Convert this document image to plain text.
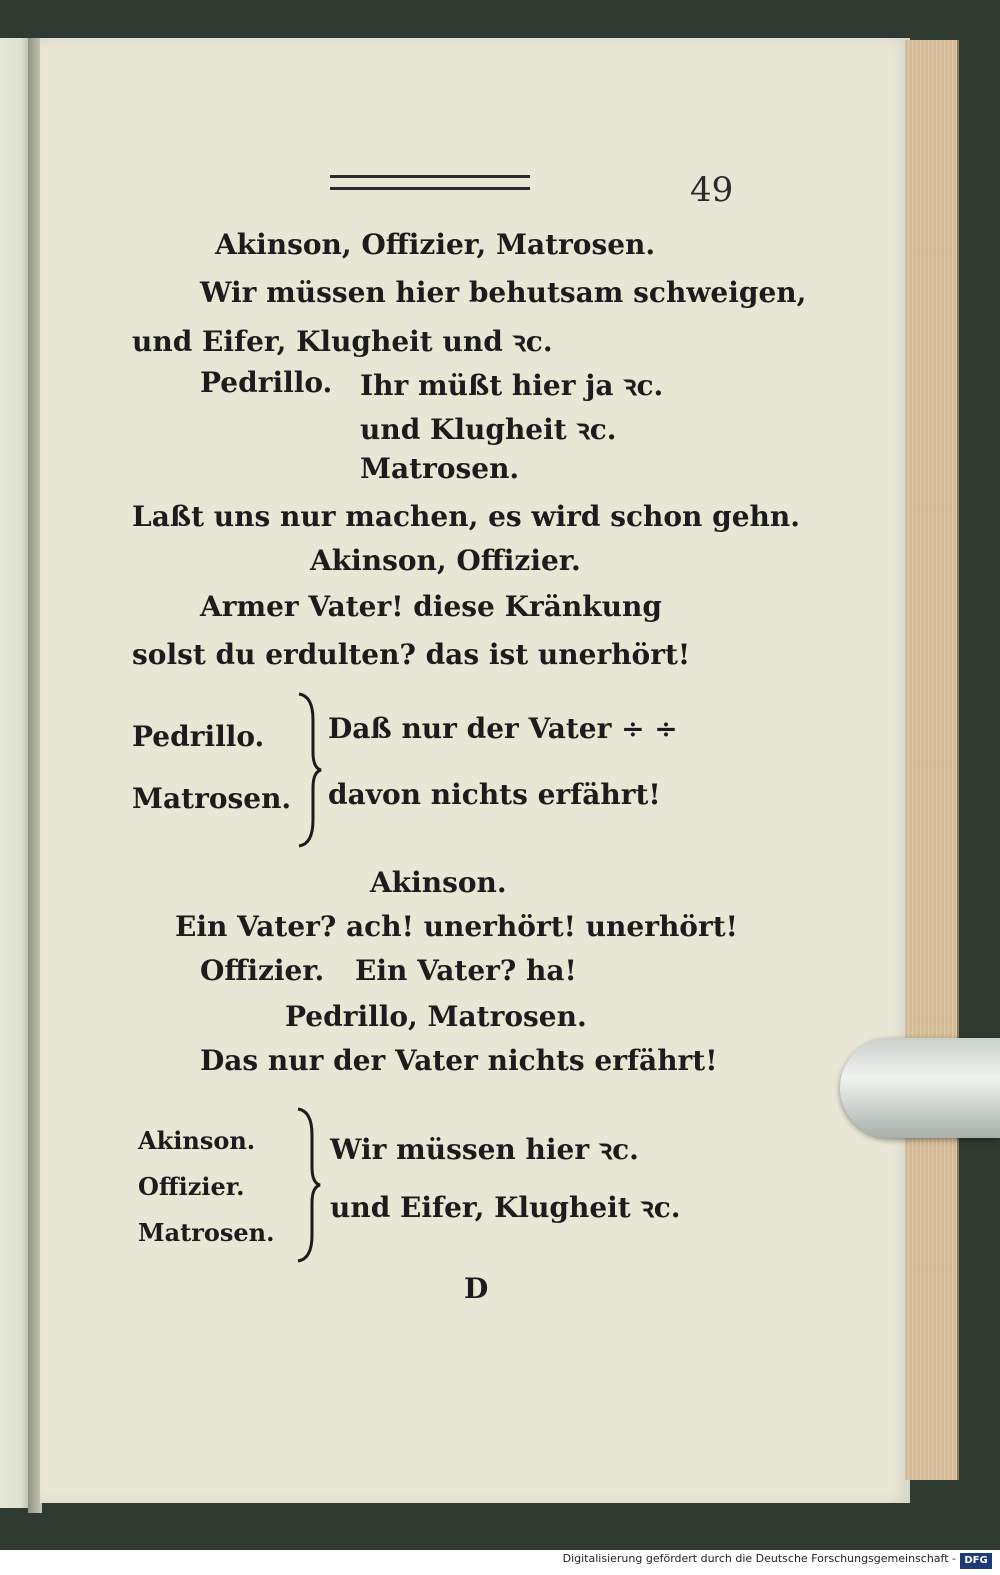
49
Akinson, Offizier, Matrosen.
Wir müssen hier behutsam schweigen,
und Eifer, Klugheit und ꝛc.
Pedrillo. Ihr müßt hier ja ꝛc.
und Klugheit ꝛc.
Matrosen.
Laßt uns nur machen, es wird schon gehn.
Akinson, Offizier.
Armer Vater! diese Kränkung
solst du erdulten? das ist unerhört!
Pedrillo.
Matrosen.
Daß nur der Vater ÷ ÷
davon nichts erfährt!
Akinson.
Ein Vater? ach! unerhört! unerhört!
Offizier. Ein Vater? ha!
Pedrillo, Matrosen.
Das nur der Vater nichts erfährt!
Akinson.
Offizier.
Matrosen.
Wir müssen hier ꝛc.
und Eifer, Klugheit ꝛc.
D
Digitalisierung gefördert durch die Deutsche Forschungsgemeinschaft - DFG
